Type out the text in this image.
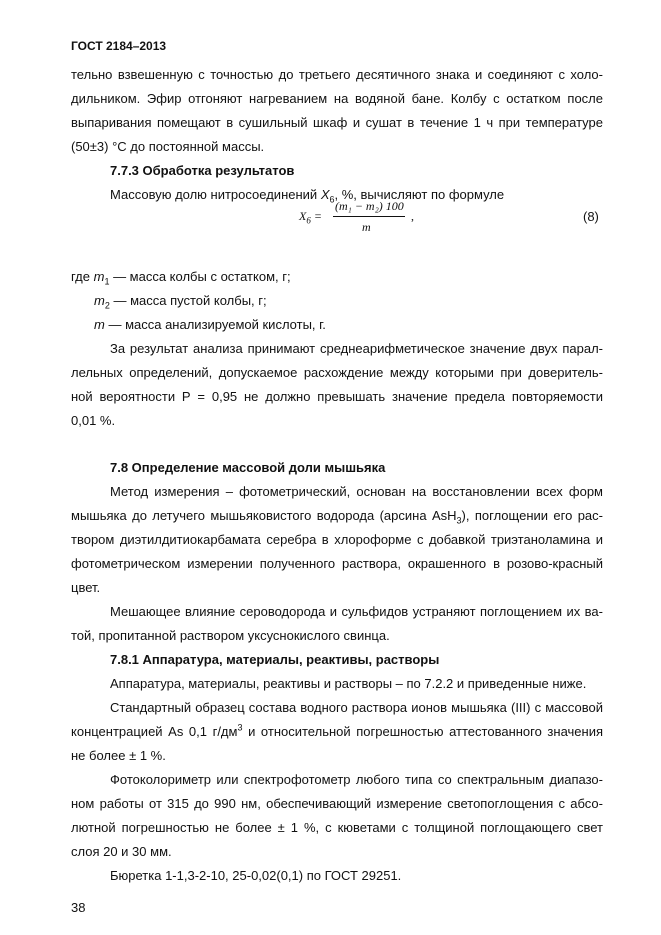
ГОСТ 2184–2013
тельно взвешенную с точностью до третьего десятичного знака и соединяют с холо-
дильником. Эфир отгоняют нагреванием на водяной бане. Колбу с остатком после
выпаривания помещают в сушильный шкаф и сушат в течение 1 ч при температуре
(50±3) °С до постоянной массы.
7.7.3 Обработка результатов
Массовую долю нитросоединений $X_6$, %, вычисляют по формуле
$X_6$ =
(m₁ − m₂) 100
m
,	(8)
где $m_1$ — масса колбы с остатком, г;
$m_2$ — масса пустой колбы, г;
m — масса анализируемой кислоты, г.
За результат анализа принимают среднеарифметическое значение двух парал-
лельных определений, допускаемое расхождение между которыми при доверитель-
ной вероятности Р = 0,95 не должно превышать значение предела повторяемости
0,01 %.
7.8 Определение массовой доли мышьяка
Метод измерения – фотометрический, основан на восстановлении всех форм
мышьяка до летучего мышьяковистого водорода (арсина AsH$_3$), поглощении его рас-
твором диэтилдитиокарбамата серебра в хлороформе с добавкой триэтаноламина и
фотометрическом измерении полученного раствора, окрашенного в розово-красный
цвет.
Мешающее влияние сероводорода и сульфидов устраняют поглощением их ва-
той, пропитанной раствором уксуснокислого свинца.
7.8.1 Аппаратура, материалы, реактивы, растворы
Аппаратура, материалы, реактивы и растворы – по 7.2.2 и приведенные ниже.
Стандартный образец состава водного раствора ионов мышьяка (III) с массовой
концентрацией As 0,1 $г/дм^3$ и относительной погрешностью аттестованного значения
не более ± 1 %.
Фотоколориметр или спектрофотометр любого типа со спектральным диапазо-
ном работы от 315 до 990 нм, обеспечивающий измерение светопоглощения с абсо-
лютной погрешностью не более ± 1 %, с кюветами с толщиной поглощающего свет
слоя 20 и 30 мм.
Бюретка 1-1,3-2-10, 25-0,02(0,1) по ГОСТ 29251.
38
